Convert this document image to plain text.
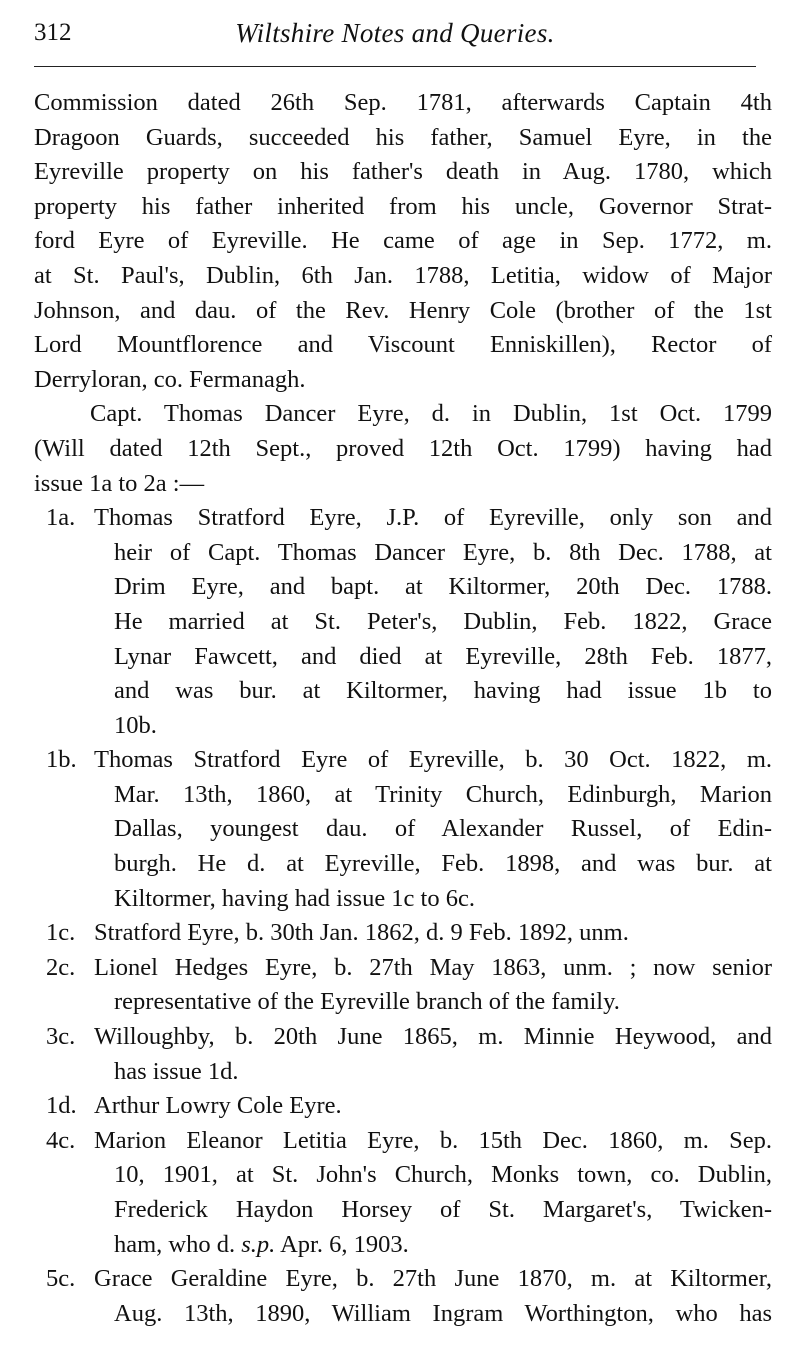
312	Wiltshire Notes and Queries.
Commission dated 26th Sep. 1781, afterwards Captain 4th
Dragoon Guards, succeeded his father, Samuel Eyre, in the
Eyreville property on his father's death in Aug. 1780, which
property his father inherited from his uncle, Governor Strat-
ford Eyre of Eyreville. He came of age in Sep. 1772, m.
at St. Paul's, Dublin, 6th Jan. 1788, Letitia, widow of Major
Johnson, and dau. of the Rev. Henry Cole (brother of the 1st
Lord Mountflorence and Viscount Enniskillen), Rector of
Derryloran, co. Fermanagh.
Capt. Thomas Dancer Eyre, d. in Dublin, 1st Oct. 1799
(Will dated 12th Sept., proved 12th Oct. 1799) having had
issue 1a to 2a :—
1a. Thomas Stratford Eyre, J.P. of Eyreville, only son and
heir of Capt. Thomas Dancer Eyre, b. 8th Dec. 1788, at
Drim Eyre, and bapt. at Kiltormer, 20th Dec. 1788.
He married at St. Peter's, Dublin, Feb. 1822, Grace
Lynar Fawcett, and died at Eyreville, 28th Feb. 1877,
and was bur. at Kiltormer, having had issue 1b to
10b.
1b. Thomas Stratford Eyre of Eyreville, b. 30 Oct. 1822, m.
Mar. 13th, 1860, at Trinity Church, Edinburgh, Marion
Dallas, youngest dau. of Alexander Russel, of Edin-
burgh. He d. at Eyreville, Feb. 1898, and was bur. at
Kiltormer, having had issue 1c to 6c.
1c. Stratford Eyre, b. 30th Jan. 1862, d. 9 Feb. 1892, unm.
2c. Lionel Hedges Eyre, b. 27th May 1863, unm. ; now senior
representative of the Eyreville branch of the family.
3c. Willoughby, b. 20th June 1865, m. Minnie Heywood, and
has issue 1d.
1d. Arthur Lowry Cole Eyre.
4c. Marion Eleanor Letitia Eyre, b. 15th Dec. 1860, m. Sep.
10, 1901, at St. John's Church, Monks town, co. Dublin,
Frederick Haydon Horsey of St. Margaret's, Twicken-
ham, who d. s.p. Apr. 6, 1903.
5c. Grace Geraldine Eyre, b. 27th June 1870, m. at Kiltormer,
Aug. 13th, 1890, William Ingram Worthington, who has
